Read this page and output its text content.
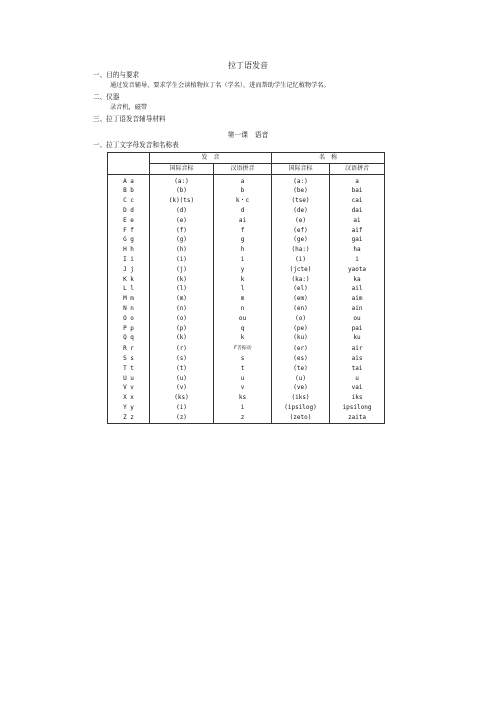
拉丁语发音
一、目的与要求
通过发音辅导，要求学生会读植物拉丁名（学名），进而帮助学生记忆植物学名。
二、仪器
录音机，磁带
三、拉丁语发音辅导材料
第一课　语音
一、拉丁文字母发音和名称表
	发　音		名　称	
	国际音标	汉语拼音	国际音标	汉语拼音
A a	(a:)	a	(a:)	a
B b	(b)	b	(be)	bai
C c	(k)(ts)	k・c	(tse)	cai
D d	(d)	d	(de)	dai
E e	(e)	ai	(e)	ai
F f	(f)	f	(ef)	aif
G g	(g)	g	(ge)	gai
H h	(h)	h	(ha:)	ha
I i	(i)	i	(i)	i
J j	(j)	y	(jcte)	yaota
K k	(k)	k	(ka:)	ka
L l	(l)	l	(el)	ail
M m	(m)	m	(em)	aim
N n	(n)	n	(en)	ain
O o	(o)	ou	(o)	ou
P p	(p)	q	(pe)	pai
Q q	(k)	k	(ku)	ku
R r	(r)	r舌振动	(er)	air
S s	(s)	s	(es)	ais
T t	(t)	t	(te)	tai
U u	(u)	u	(u)	u
V v	(v)	v	(ve)	vai
X x	(ks)	ks	(iks)	iks
Y y	(i)	i	(ipsilog)	ipsilong
Z z	(z)	z	(zeto)	zaita
